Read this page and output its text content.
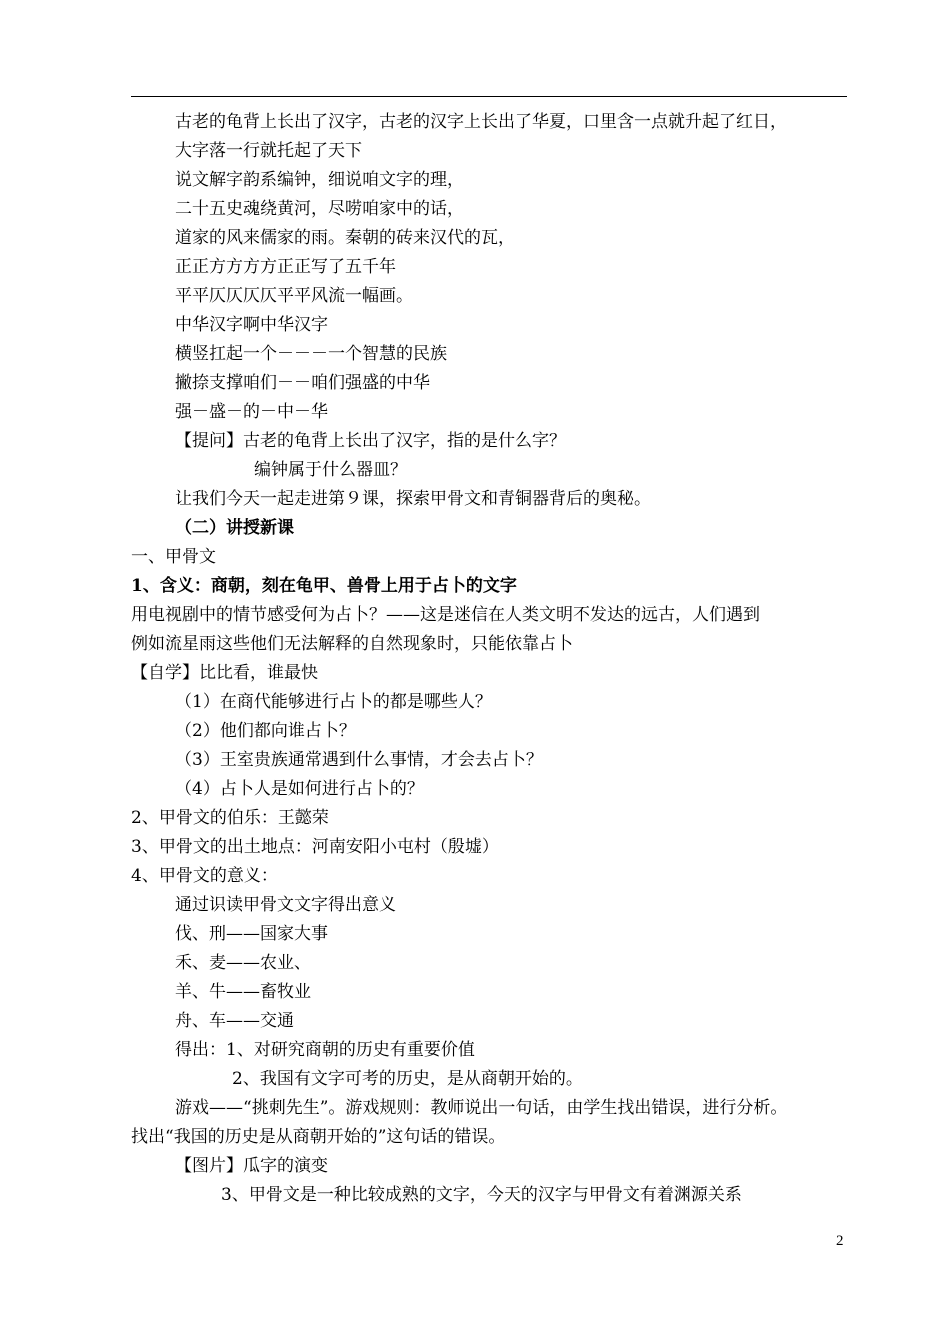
古老的龟背上长出了汉字，古老的汉字上长出了华夏，口里含一点就升起了红日，
大字落一行就托起了天下
说文解字韵系编钟，细说咱文字的理，
二十五史魂绕黄河，尽唠咱家中的话，
道家的风来儒家的雨。秦朝的砖来汉代的瓦，
正正方方方方正正写了五千年
平平仄仄仄仄平平风流一幅画。
中华汉字啊中华汉字
横竖扛起一个－－－一个智慧的民族
撇捺支撑咱们－－咱们强盛的中华
强－盛－的－中－华
【提问】古老的龟背上长出了汉字，指的是什么字？
编钟属于什么器皿？
让我们今天一起走进第９课，探索甲骨文和青铜器背后的奥秘。
（二）讲授新课
一、甲骨文
1、含义：商朝，刻在龟甲、兽骨上用于占卜的文字
用电视剧中的情节感受何为占卜？——这是迷信在人类文明不发达的远古，人们遇到
例如流星雨这些他们无法解释的自然现象时，只能依靠占卜
【自学】比比看，谁最快
（1）在商代能够进行占卜的都是哪些人？
（2）他们都向谁占卜？
（3）王室贵族通常遇到什么事情，才会去占卜？
（4）占卜人是如何进行占卜的？
2、甲骨文的伯乐：王懿荣
3、甲骨文的出土地点：河南安阳小屯村（殷墟）
4、甲骨文的意义：
通过识读甲骨文文字得出意义
伐、刑——国家大事
禾、麦——农业、
羊、牛——畜牧业
舟、车——交通
得出：1、对研究商朝的历史有重要价值
2、我国有文字可考的历史，是从商朝开始的。
游戏——“挑刺先生”。游戏规则：教师说出一句话，由学生找出错误，进行分析。
找出“我国的历史是从商朝开始的”这句话的错误。
【图片】瓜字的演变
3、甲骨文是一种比较成熟的文字，今天的汉字与甲骨文有着渊源关系
2
